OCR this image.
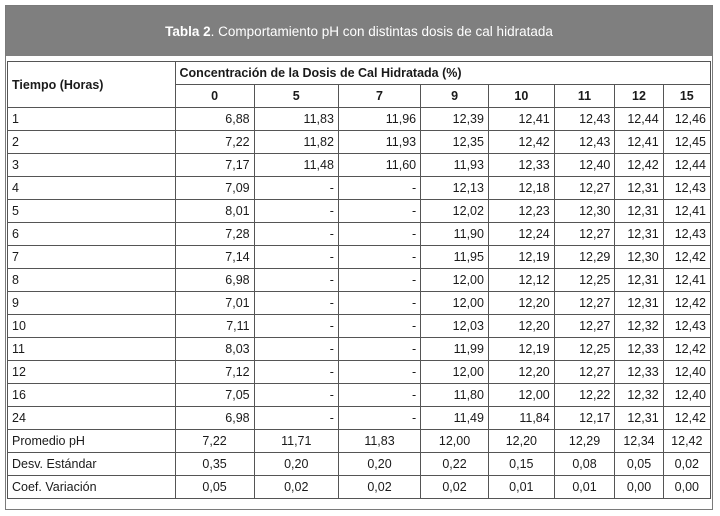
Tabla 2. Comportamiento pH con distintas dosis de cal hidratada
Tiempo (Horas)	Concentración de la Dosis de Cal Hidratada (%)							
	0	5	7	9	10	11	12	15
1	6,88	11,83	11,96	12,39	12,41	12,43	12,44	12,46
2	7,22	11,82	11,93	12,35	12,42	12,43	12,41	12,45
3	7,17	11,48	11,60	11,93	12,33	12,40	12,42	12,44
4	7,09	-	-	12,13	12,18	12,27	12,31	12,43
5	8,01	-	-	12,02	12,23	12,30	12,31	12,41
6	7,28	-	-	11,90	12,24	12,27	12,31	12,43
7	7,14	-	-	11,95	12,19	12,29	12,30	12,42
8	6,98	-	-	12,00	12,12	12,25	12,31	12,41
9	7,01	-	-	12,00	12,20	12,27	12,31	12,42
10	7,11	-	-	12,03	12,20	12,27	12,32	12,43
11	8,03	-	-	11,99	12,19	12,25	12,33	12,42
12	7,12	-	-	12,00	12,20	12,27	12,33	12,40
16	7,05	-	-	11,80	12,00	12,22	12,32	12,40
24	6,98	-	-	11,49	11,84	12,17	12,31	12,42
Promedio pH	7,22	11,71	11,83	12,00	12,20	12,29	12,34	12,42
Desv. Estándar	0,35	0,20	0,20	0,22	0,15	0,08	0,05	0,02
Coef. Variación	0,05	0,02	0,02	0,02	0,01	0,01	0,00	0,00
